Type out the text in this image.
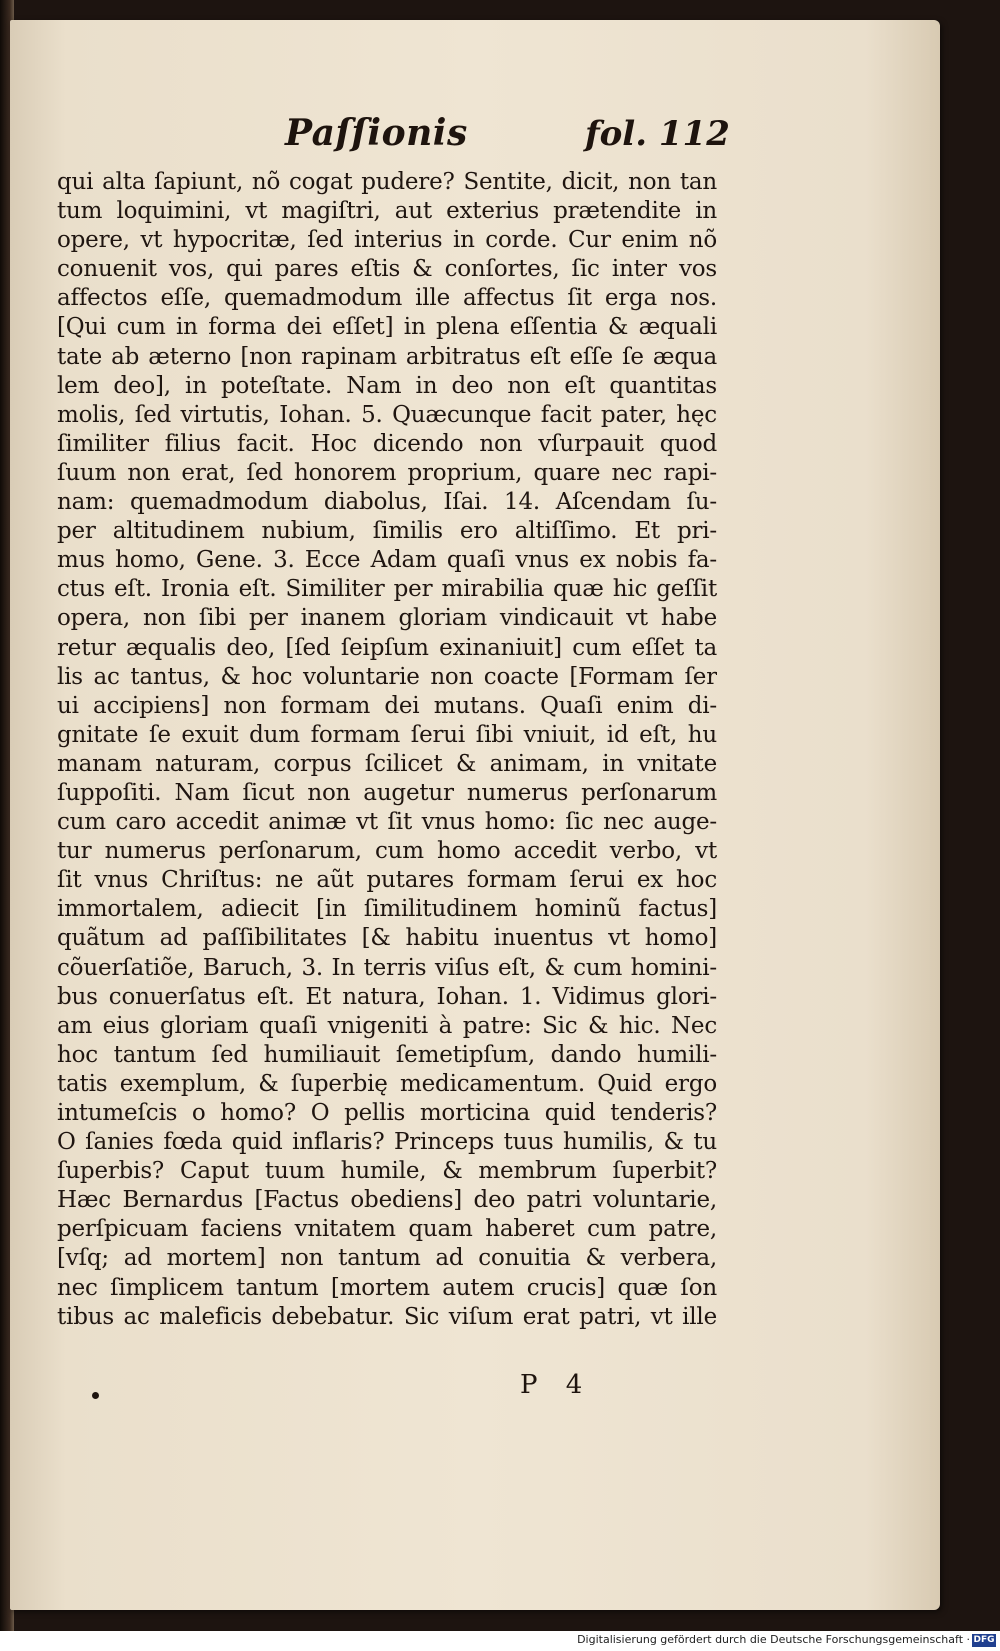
Paſſionis	fol. 112
qui alta ſapiunt, nõ cogat pudere? Sentite, dicit, non tan
tum loquimini, vt magiſtri, aut exterius prætendite in
opere, vt hypocritæ, ſed interius in corde. Cur enim nõ
conuenit vos, qui pares eſtis & conſortes, ſic inter vos
affectos eſſe, quemadmodum ille affectus ſit erga nos.
[Qui cum in forma dei eſſet] in plena eſſentia & æquali
tate ab æterno [non rapinam arbitratus eſt eſſe ſe æqua
lem deo], in poteſtate. Nam in deo non eſt quantitas
molis, ſed virtutis, Iohan. 5. Quæcunque facit pater, hęc
ſimiliter filius facit. Hoc dicendo non vſurpauit quod
ſuum non erat, ſed honorem proprium, quare nec rapi-
nam: quemadmodum diabolus, Iſai. 14. Aſcendam ſu-
per altitudinem nubium, ſimilis ero altiſſimo. Et pri-
mus homo, Gene. 3. Ecce Adam quaſi vnus ex nobis fa-
ctus eſt. Ironia eſt. Similiter per mirabilia quæ hic geſſit
opera, non ſibi per inanem gloriam vindicauit vt habe
retur æqualis deo, [ſed ſeipſum exinaniuit] cum eſſet ta
lis ac tantus, & hoc voluntarie non coacte [Formam ſer
ui accipiens] non formam dei mutans. Quaſi enim di-
gnitate ſe exuit dum formam ſerui ſibi vniuit, id eſt, hu
manam naturam, corpus ſcilicet & animam, in vnitate
ſuppoſiti. Nam ſicut non augetur numerus perſonarum
cum caro accedit animæ vt ſit vnus homo: ſic nec auge-
tur numerus perſonarum, cum homo accedit verbo, vt
ſit vnus Chriſtus: ne aũt putares formam ſerui ex hoc
immortalem, adiecit [in ſimilitudinem hominũ factus]
quãtum ad paſſibilitates [& habitu inuentus vt homo]
cõuerſatiõe, Baruch, 3. In terris viſus eſt, & cum homini-
bus conuerſatus eſt. Et natura, Iohan. 1. Vidimus glori-
am eius gloriam quaſi vnigeniti à patre: Sic & hic. Nec
hoc tantum ſed humiliauit ſemetipſum, dando humili-
tatis exemplum, & ſuperbię medicamentum. Quid ergo
intumeſcis o homo? O pellis morticina quid tenderis?
O ſanies fœda quid inflaris? Princeps tuus humilis, & tu
ſuperbis? Caput tuum humile, & membrum ſuperbit?
Hæc Bernardus [Factus obediens] deo patri voluntarie,
perſpicuam faciens vnitatem quam haberet cum patre,
[vſq; ad mortem] non tantum ad conuitia & verbera,
nec ſimplicem tantum [mortem autem crucis] quæ ſon
tibus ac maleficis debebatur. Sic viſum erat patri, vt ille
P 4
Digitalisierung gefördert durch die Deutsche Forschungsgemeinschaft · DFG
